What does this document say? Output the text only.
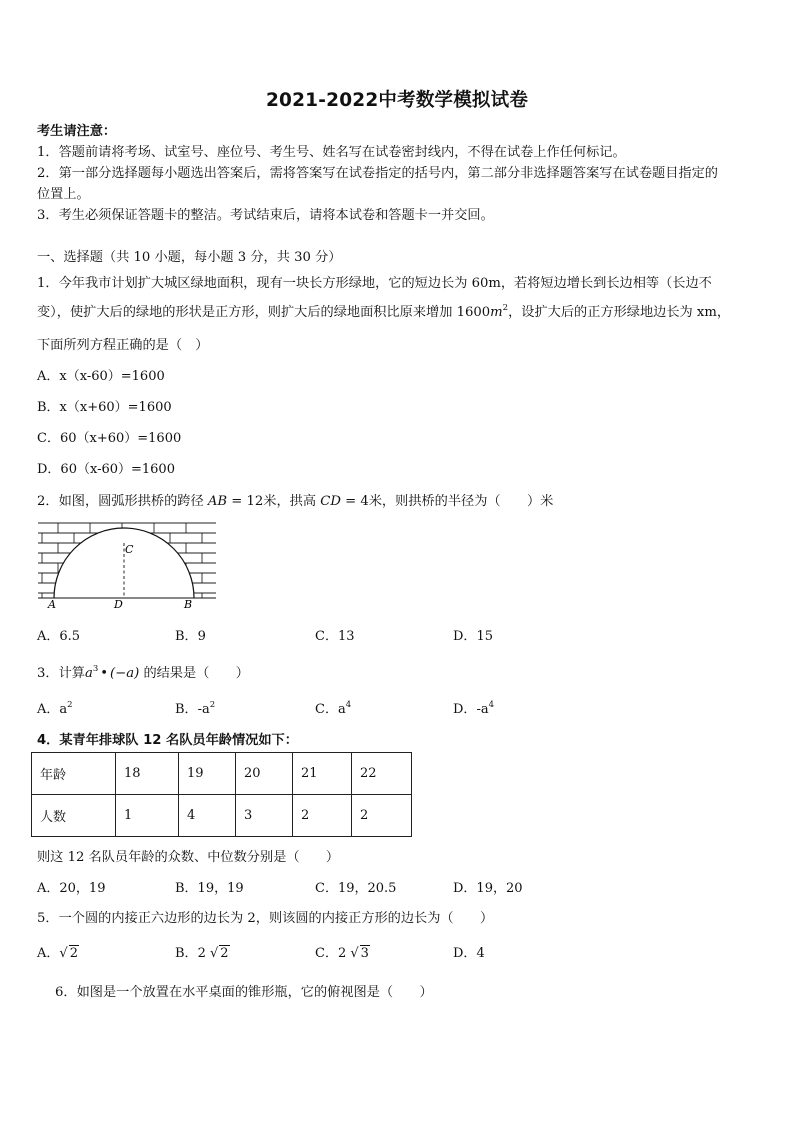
2021-2022中考数学模拟试卷
考生请注意：
1．答题前请将考场、试室号、座位号、考生号、姓名写在试卷密封线内，不得在试卷上作任何标记。
2．第一部分选择题每小题选出答案后，需将答案写在试卷指定的括号内，第二部分非选择题答案写在试卷题目指定的
位置上。
3．考生必须保证答题卡的整洁。考试结束后，请将本试卷和答题卡一并交回。
一、选择题（共 10 小题，每小题 3 分，共 30 分）
1．今年我市计划扩大城区绿地面积，现有一块长方形绿地，它的短边长为 60m，若将短边增长到长边相等（长边不
变），使扩大后的绿地的形状是正方形，则扩大后的绿地面积比原来增加 $1600m^2$，设扩大后的正方形绿地边长为 xm，
下面所列方程正确的是（　）
A．x（x-60）=1600
B．x（x+60）=1600
C．60（x+60）=1600
D．60（x-60）=1600
2．如图，圆弧形拱桥的跨径 AB = 12米，拱高 CD = 4米，则拱桥的半径为（　　）米
C
A	D	B
A．6.5	B．9	C．13	D．15
3．计算$a^3$ • (−a) 的结果是（　　）
A．$a^2$	B．$-a^2$	C．$a^4$	D．$-a^4$
4．某青年排球队 12 名队员年龄情况如下：
年龄	18	19	20	21	22
人数	1	4	3	2	2
则这 12 名队员年龄的众数、中位数分别是（　　）
A．20，19	B．19，19	C．19，20.5	D．19，20
5．一个圆的内接正六边形的边长为 2，则该圆的内接正方形的边长为（　　）
A．√ 2	B．2 √ 2	C．2 √ 3	D．4
6．如图是一个放置在水平桌面的锥形瓶，它的俯视图是（　　）
